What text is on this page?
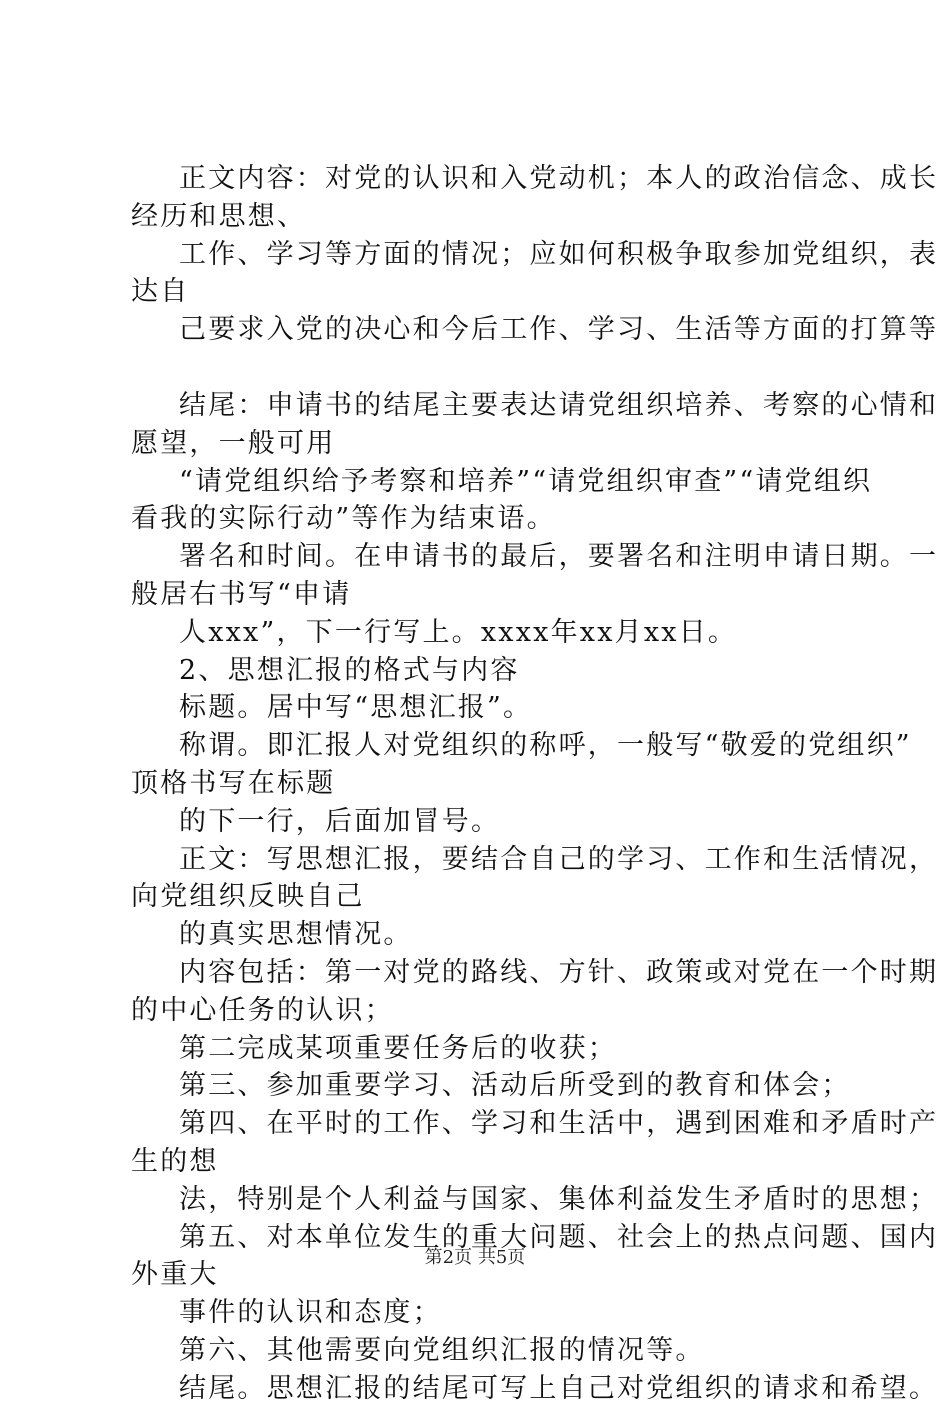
正文内容：对党的认识和入党动机；本人的政治信念、成长
经历和思想、

工作、学习等方面的情况；应如何积极争取参加党组织，表
达自

己要求入党的决心和今后工作、学习、生活等方面的打算等

结尾：申请书的结尾主要表达请党组织培养、考察的心情和
愿望，一般可用

“请党组织给予考察和培养”“请党组织审查”“请党组织
看我的实际行动”等作为结束语。

署名和时间。在申请书的最后，要署名和注明申请日期。一
般居右书写“申请

人xxx”，下一行写上。xxxx年xx月xx日。

2、思想汇报的格式与内容

标题。居中写“思想汇报”。

称谓。即汇报人对党组织的称呼，一般写“敬爱的党组织”
顶格书写在标题

的下一行，后面加冒号。

正文：写思想汇报，要结合自己的学习、工作和生活情况，
向党组织反映自己

的真实思想情况。

内容包括：第一对党的路线、方针、政策或对党在一个时期
的中心任务的认识；

第二完成某项重要任务后的收获；

第三、参加重要学习、活动后所受到的教育和体会；

第四、在平时的工作、学习和生活中，遇到困难和矛盾时产
生的想

法，特别是个人利益与国家、集体利益发生矛盾时的思想；

第五、对本单位发生的重大问题、社会上的热点问题、国内
外重大

事件的认识和态度；

第六、其他需要向党组织汇报的情况等。

结尾。思想汇报的结尾可写上自己对党组织的请求和希望。

第2页 共5页
